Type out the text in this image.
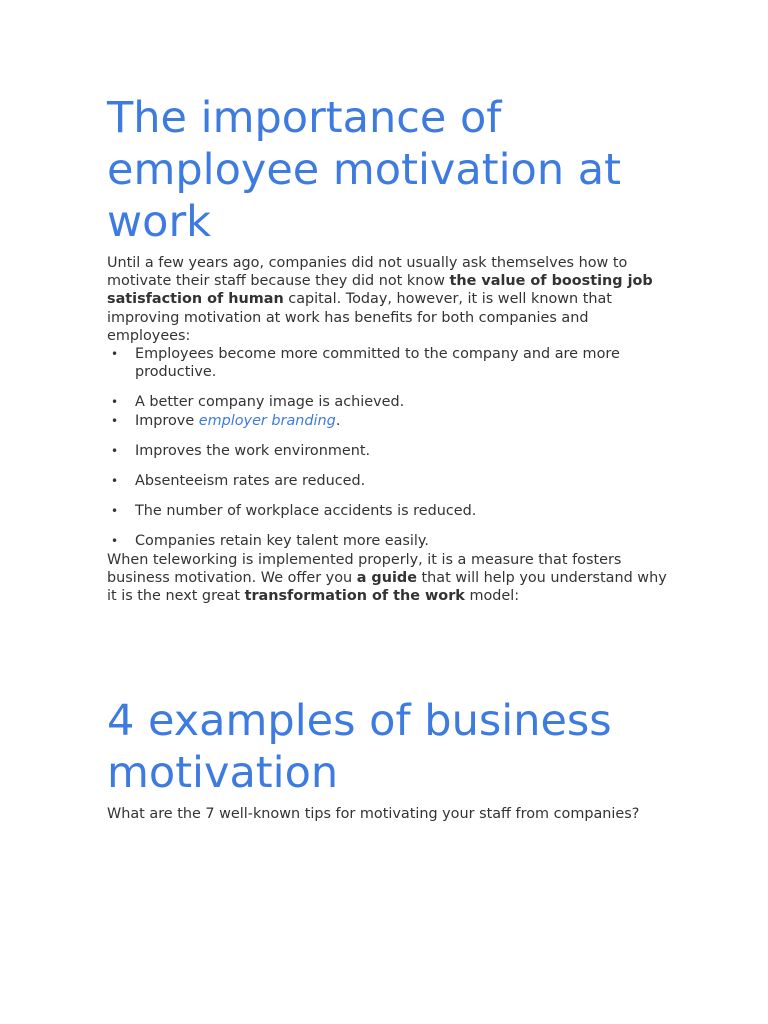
The importance of employee motivation at work

Until a few years ago, companies did not usually ask themselves how to motivate their staff because they did not know the value of boosting job satisfaction of human capital. Today, however, it is well known that improving motivation at work has benefits for both companies and employees:

• Employees become more committed to the company and are more productive.
• A better company image is achieved.
• Improve employer branding.
• Improves the work environment.
• Absenteeism rates are reduced.
• The number of workplace accidents is reduced.
• Companies retain key talent more easily.

When teleworking is implemented properly, it is a measure that fosters business motivation. We offer you a guide that will help you understand why it is the next great transformation of the work model:

4 examples of business motivation

What are the 7 well-known tips for motivating your staff from companies?
